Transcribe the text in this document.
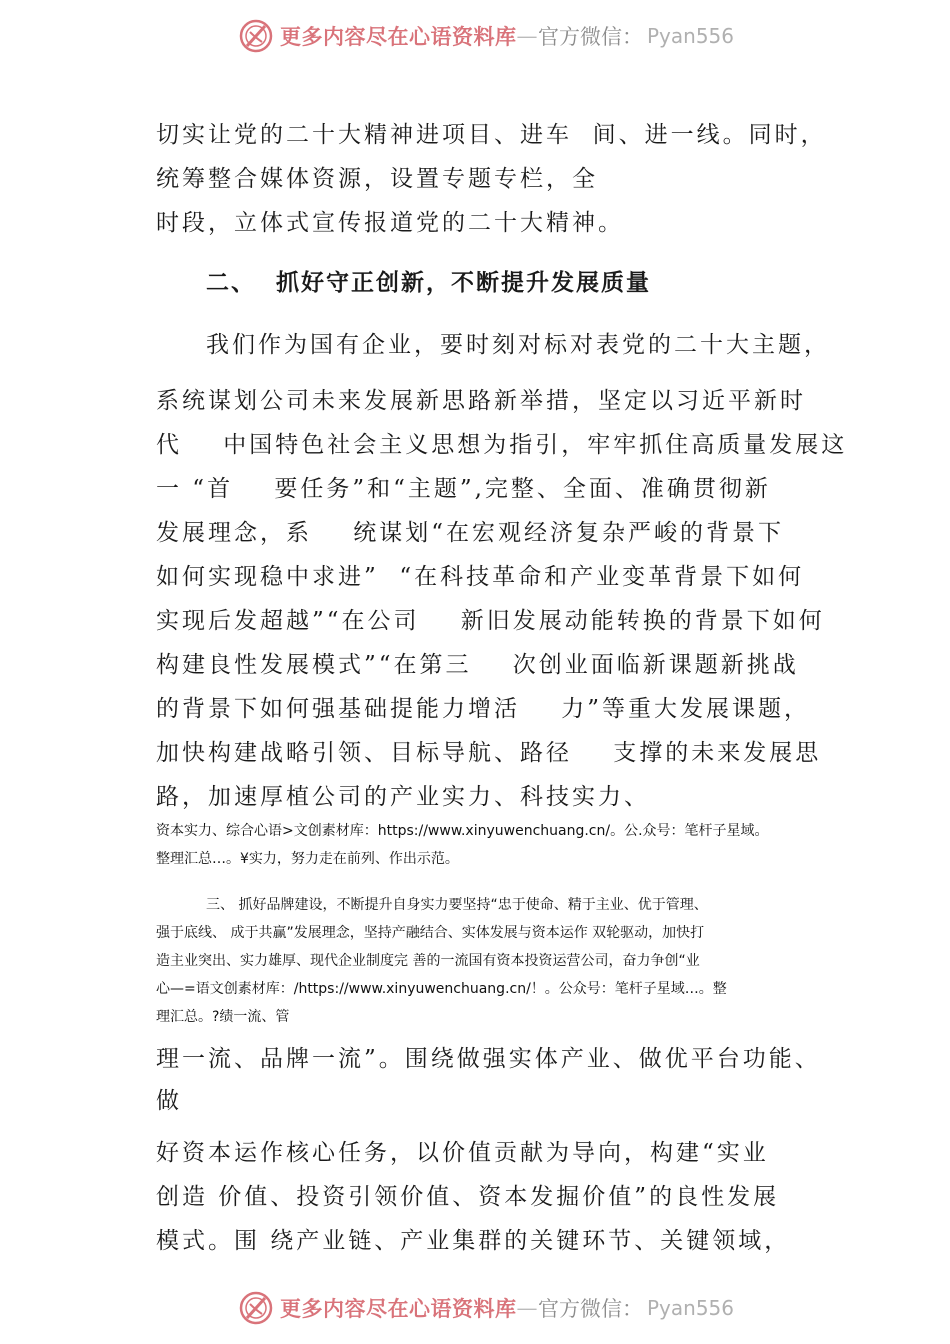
更多内容尽在心语资料库 — 官方微信： Pyan556
切实让党的二十大精神进项目、进车  间、进一线。同时，
统筹整合媒体资源，设置专题专栏，全
时段，立体式宣传报道党的二十大精神。
二、  抓好守正创新，不断提升发展质量
我们作为国有企业，要时刻对标对表党的二十大主题，
系统谋划公司未来发展新思路新举措，坚定以习近平新时
代    中国特色社会主义思想为指引，牢牢抓住高质量发展这
一 “首    要任务”和“主题”,完整、全面、准确贯彻新
发展理念，系    统谋划“在宏观经济复杂严峻的背景下
如何实现稳中求进”  “在科技革命和产业变革背景下如何
实现后发超越”“在公司    新旧发展动能转换的背景下如何
构建良性发展模式”“在第三    次创业面临新课题新挑战
的背景下如何强基础提能力增活    力”等重大发展课题，
加快构建战略引领、目标导航、路径    支撑的未来发展思
路，加速厚植公司的产业实力、科技实力、
资本实力、综合心语>文创素材库：https://www.xinyuwenchuang.cn/。公.众号：笔杆子星域。
整理汇总…。¥实力，努力走在前列、作出示范。
三、 抓好品牌建设，不断提升自身实力要坚持“忠于使命、精于主业、优于管理、
强于底线、 成于共赢”发展理念，坚持产融结合、实体发展与资本运作 双轮驱动，加快打
造主业突出、实力雄厚、现代企业制度完 善的一流国有资本投资运营公司，奋力争创“业
心—=语文创素材库：/https://www.xinyuwenchuang.cn/！。公众号：笔杆子星域…。整
理汇总。?绩一流、管
理一流、品牌一流”。围绕做强实体产业、做优平台功能、
做
好资本运作核心任务，以价值贡献为导向，构建“实业
创造 价值、投资引领价值、资本发掘价值”的良性发展
模式。围 绕产业链、产业集群的关键环节、关键领域，
更多内容尽在心语资料库 — 官方微信： Pyan556
